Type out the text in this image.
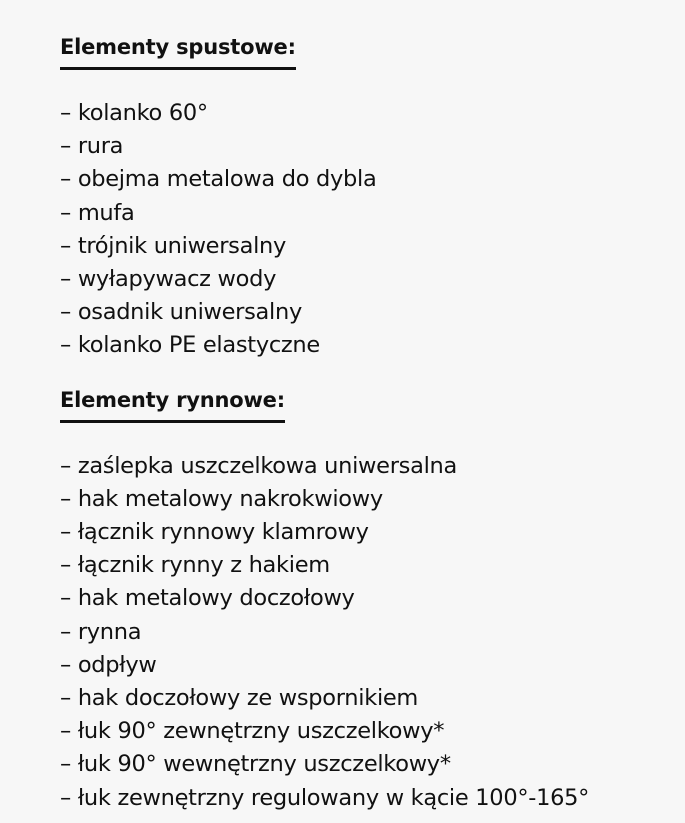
Elementy spustowe:
– kolanko 60°
– rura
– obejma metalowa do dybla
– mufa
– trójnik uniwersalny
– wyłapywacz wody
– osadnik uniwersalny
– kolanko PE elastyczne
Elementy rynnowe:
– zaślepka uszczelkowa uniwersalna
– hak metalowy nakrokwiowy
– łącznik rynnowy klamrowy
– łącznik rynny z hakiem
– hak metalowy doczołowy
– rynna
– odpływ
– hak doczołowy ze wspornikiem
– łuk 90° zewnętrzny uszczelkowy*
– łuk 90° wewnętrzny uszczelkowy*
– łuk zewnętrzny regulowany w kącie 100°-165°
